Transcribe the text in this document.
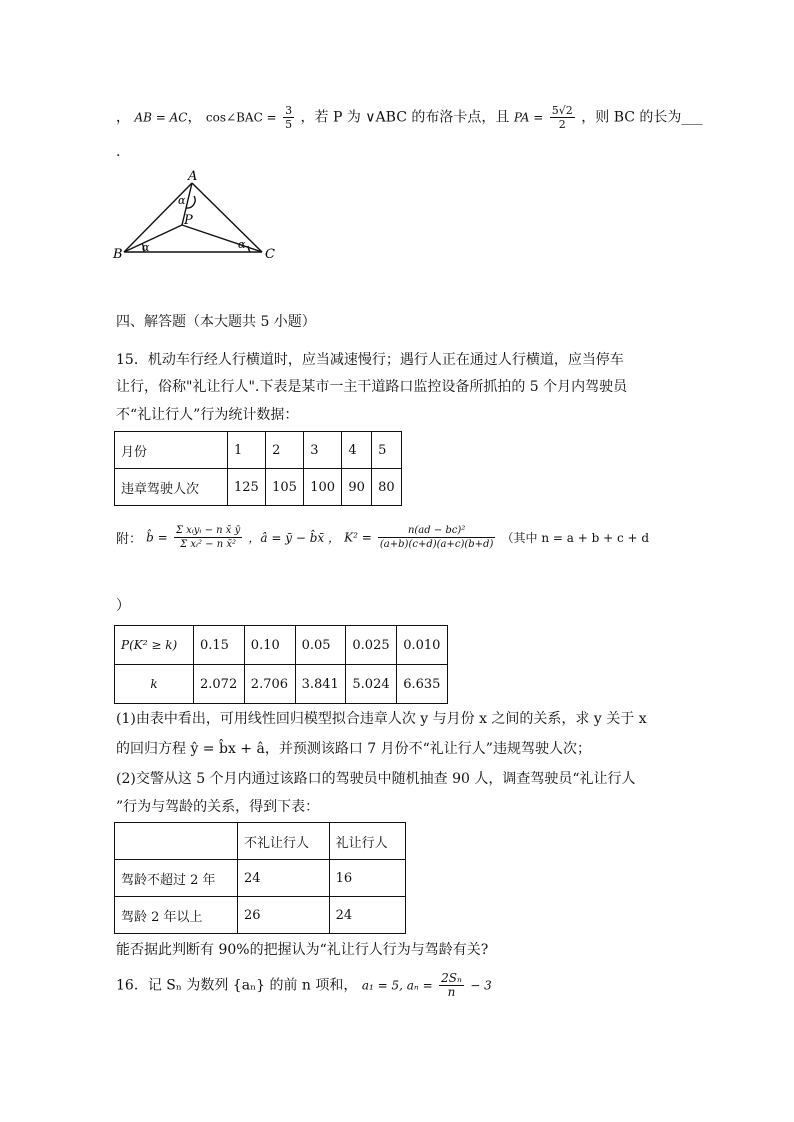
， AB = AC， cos∠BAC = $\frac{3}{5}$ ，若 P 为 ∨ABC 的布洛卡点，且 PA = $\frac{5√2}{2}$ ，则 BC 的长为___
.
A
B	C
P
α
α	α
四、解答题（本大题共 5 小题）
15．机动车行经人行横道时，应当减速慢行；遇行人正在通过人行横道，应当停车
让行，俗称"礼让行人".下表是某市一主干道路口监控设备所抓拍的 5 个月内驾驶员
不“礼让行人”行为统计数据：
月份	1	2	3	4	5
违章驾驶人次	125	105	100	90	80
附： b̂ = $\frac{\text{Σ xᵢyᵢ − n x̄ ȳ}}{\text{Σ xᵢ² − n x̄²}}$ ，â = ȳ − b̂x̄ ， $K^2 = \frac{\text{n(ad − bc)²}}{(a+b)(c+d)(a+c)(b+d)}$ （其中 n = a + b + c + d
）
P(K² ≥ k)	0.15	0.10	0.05	0.025	0.010
k	2.072	2.706	3.841	5.024	6.635
(1)由表中看出，可用线性回归模型拟合违章人次 y 与月份 x 之间的关系，求 y 关于 x
的回归方程 ŷ = b̂x + â，并预测该路口 7 月份不“礼让行人”违规驾驶人次；
(2)交警从这 5 个月内通过该路口的驾驶员中随机抽查 90 人，调查驾驶员“礼让行人
”行为与驾龄的关系，得到下表：
	不礼让行人	礼让行人
驾龄不超过 2 年	24	16
驾龄 2 年以上	26	24
能否据此判断有 90%的把握认为“礼让行人行为与驾龄有关?
16．记 Sₙ 为数列 {aₙ} 的前 n 项和， a₁ = 5, $a_n = \frac{\text{2Sₙ}}{n} - 3$
